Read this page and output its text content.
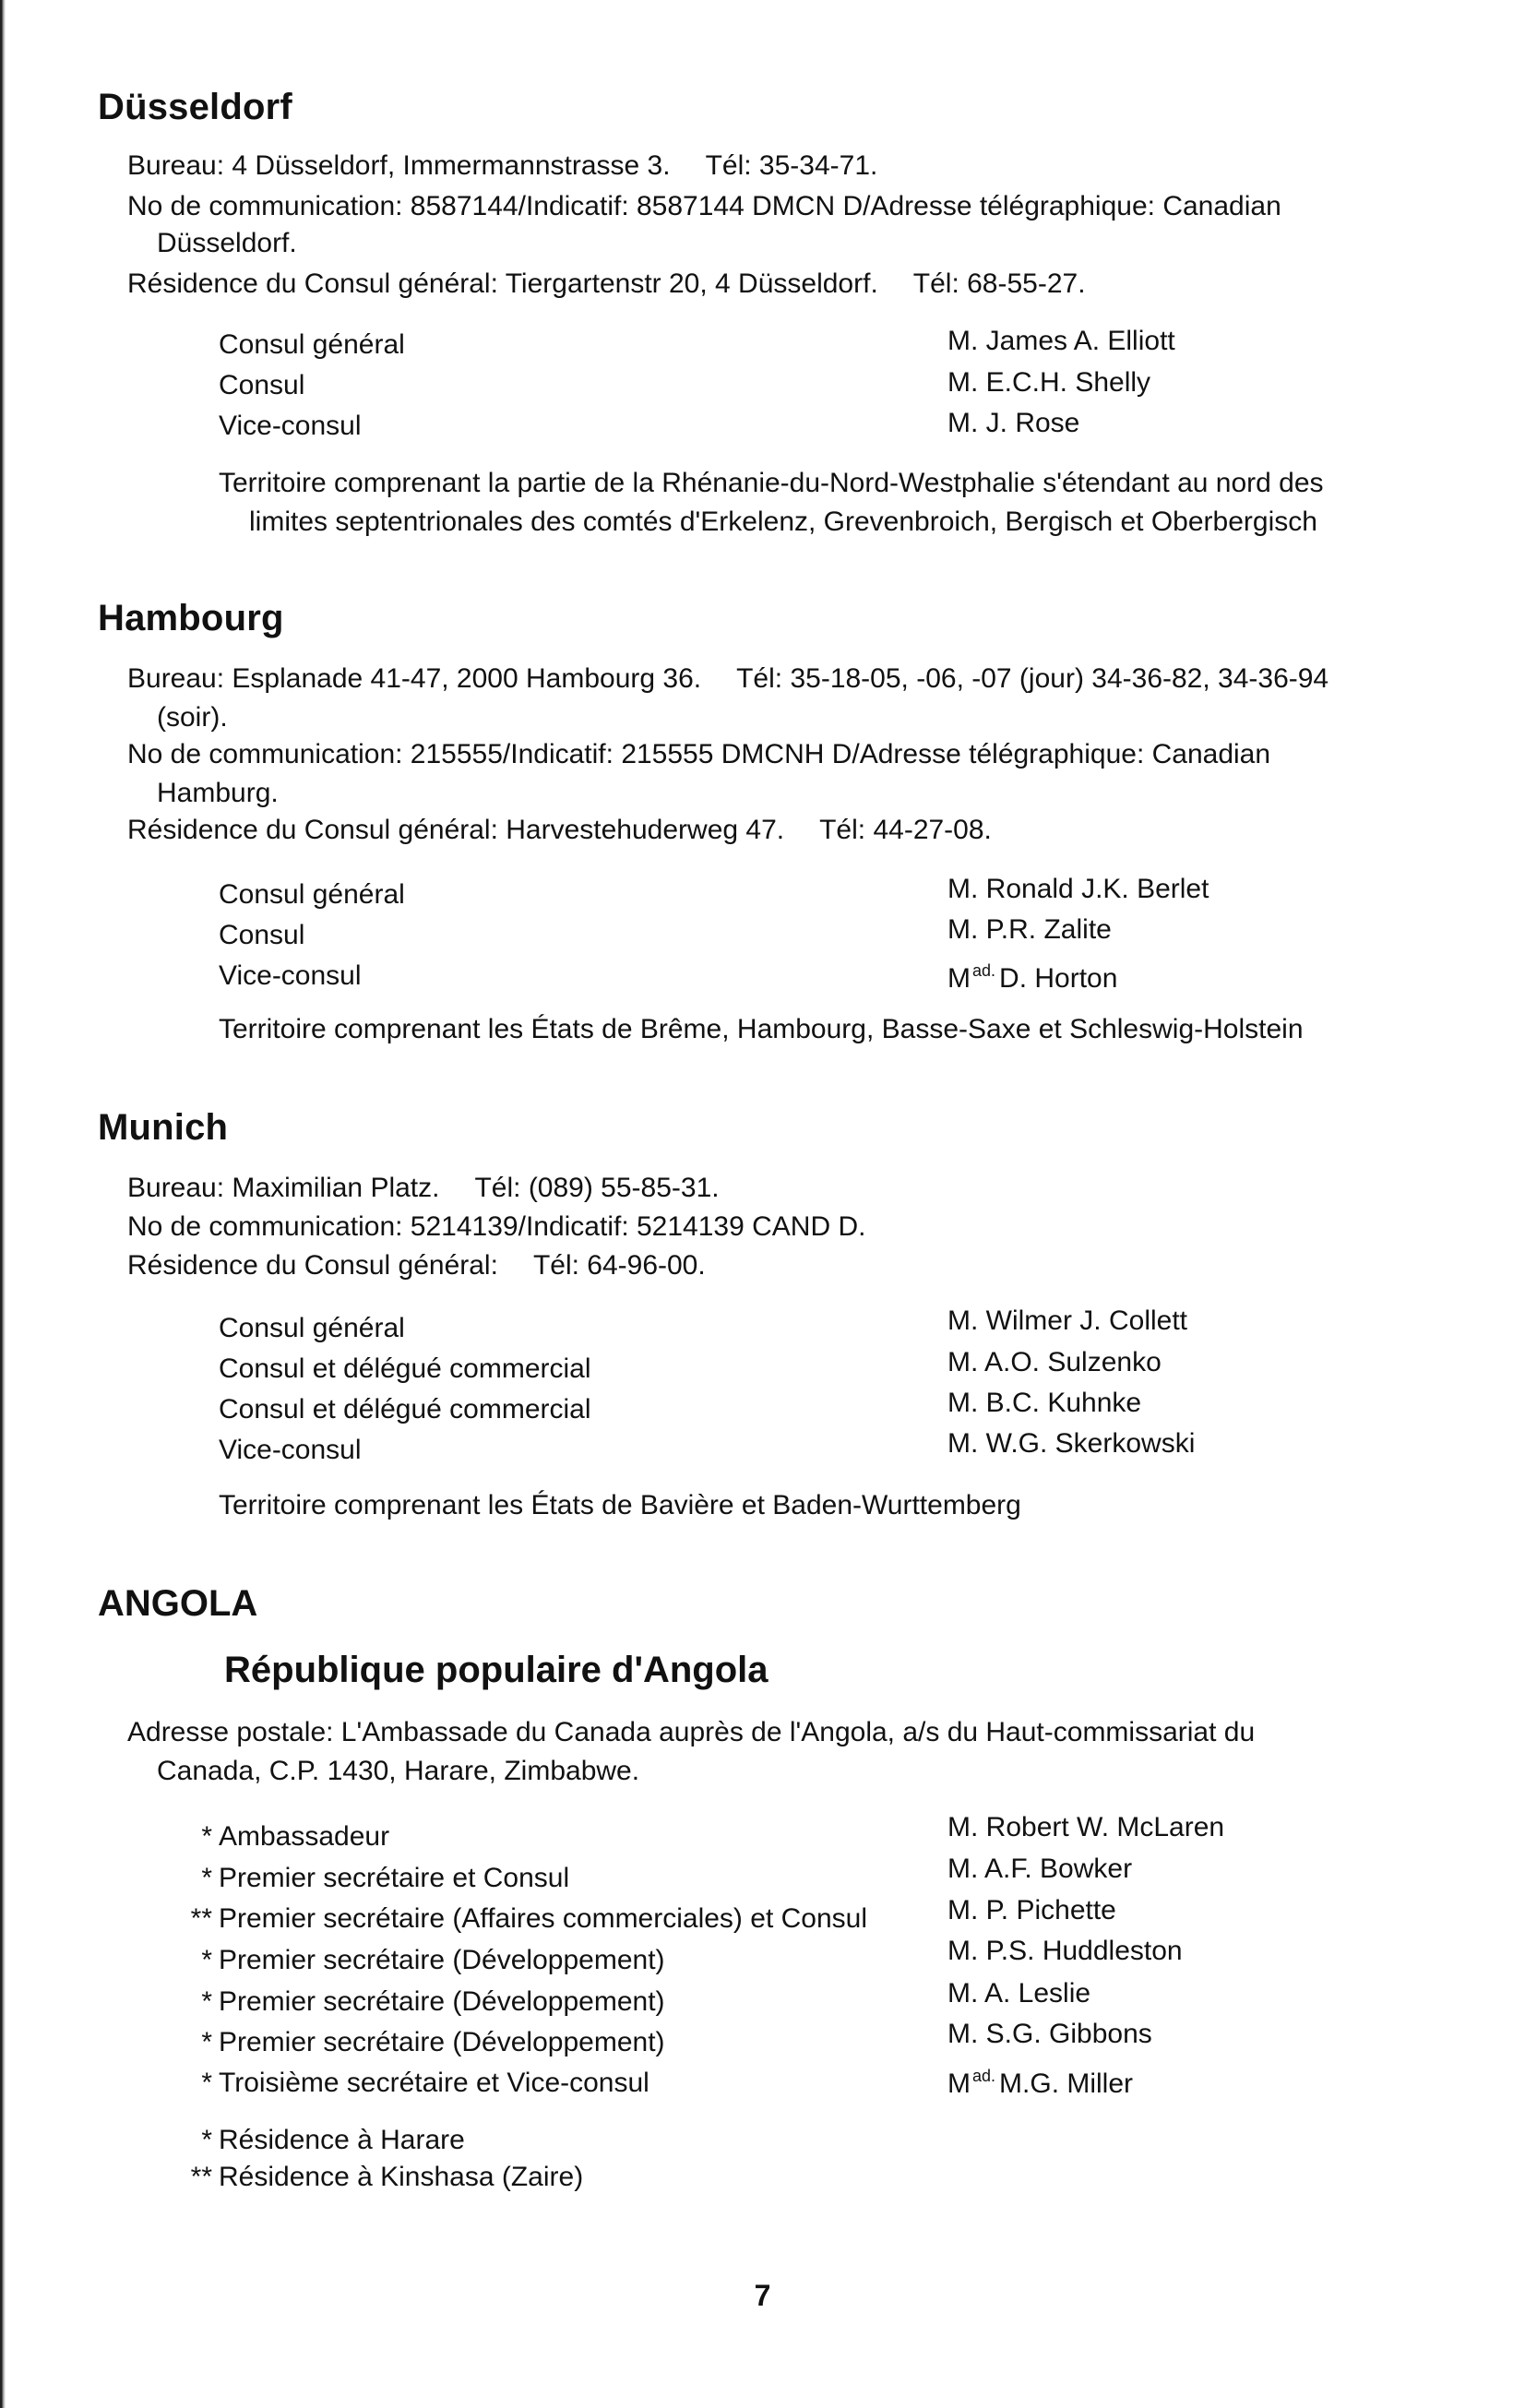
Düsseldorf
Bureau: 4 Düsseldorf, Immermannstrasse 3. Tél: 35-34-71.
No de communication: 8587144/Indicatif: 8587144 DMCN D/Adresse télégraphique: Canadian
Düsseldorf.
Résidence du Consul général: Tiergartenstr 20, 4 Düsseldorf. Tél: 68-55-27.
Consul général	M. James A. Elliott
Consul	M. E.C.H. Shelly
Vice-consul	M. J. Rose
Territoire comprenant la partie de la Rhénanie-du-Nord-Westphalie s'étendant au nord des
limites septentrionales des comtés d'Erkelenz, Grevenbroich, Bergisch et Oberbergisch
Hambourg
Bureau: Esplanade 41-47, 2000 Hambourg 36. Tél: 35-18-05, -06, -07 (jour) 34-36-82, 34-36-94
(soir).
No de communication: 215555/Indicatif: 215555 DMCNH D/Adresse télégraphique: Canadian
Hamburg.
Résidence du Consul général: Harvestehuderweg 47. Tél: 44-27-08.
Consul général	M. Ronald J.K. Berlet
Consul	M. P.R. Zalite
Vice-consul	M $^{ad.}$ D. Horton
Territoire comprenant les États de Brême, Hambourg, Basse-Saxe et Schleswig-Holstein
Munich
Bureau: Maximilian Platz. Tél: (089) 55-85-31.
No de communication: 5214139/Indicatif: 5214139 CAND D.
Résidence du Consul général: Tél: 64-96-00.
Consul général	M. Wilmer J. Collett
Consul et délégué commercial	M. A.O. Sulzenko
Consul et délégué commercial	M. B.C. Kuhnke
Vice-consul	M. W.G. Skerkowski
Territoire comprenant les États de Bavière et Baden-Wurttemberg
ANGOLA
République populaire d'Angola
Adresse postale: L'Ambassade du Canada auprès de l'Angola, a/s du Haut-commissariat du
Canada, C.P. 1430, Harare, Zimbabwe.
* Ambassadeur	M. Robert W. McLaren
* Premier secrétaire et Consul	M. A.F. Bowker
** Premier secrétaire (Affaires commerciales) et Consul	M. P. Pichette
* Premier secrétaire (Développement)	M. P.S. Huddleston
* Premier secrétaire (Développement)	M. A. Leslie
* Premier secrétaire (Développement)	M. S.G. Gibbons
* Troisième secrétaire et Vice-consul	M $^{ad.}$ M.G. Miller
* Résidence à Harare
** Résidence à Kinshasa (Zaire)
7
